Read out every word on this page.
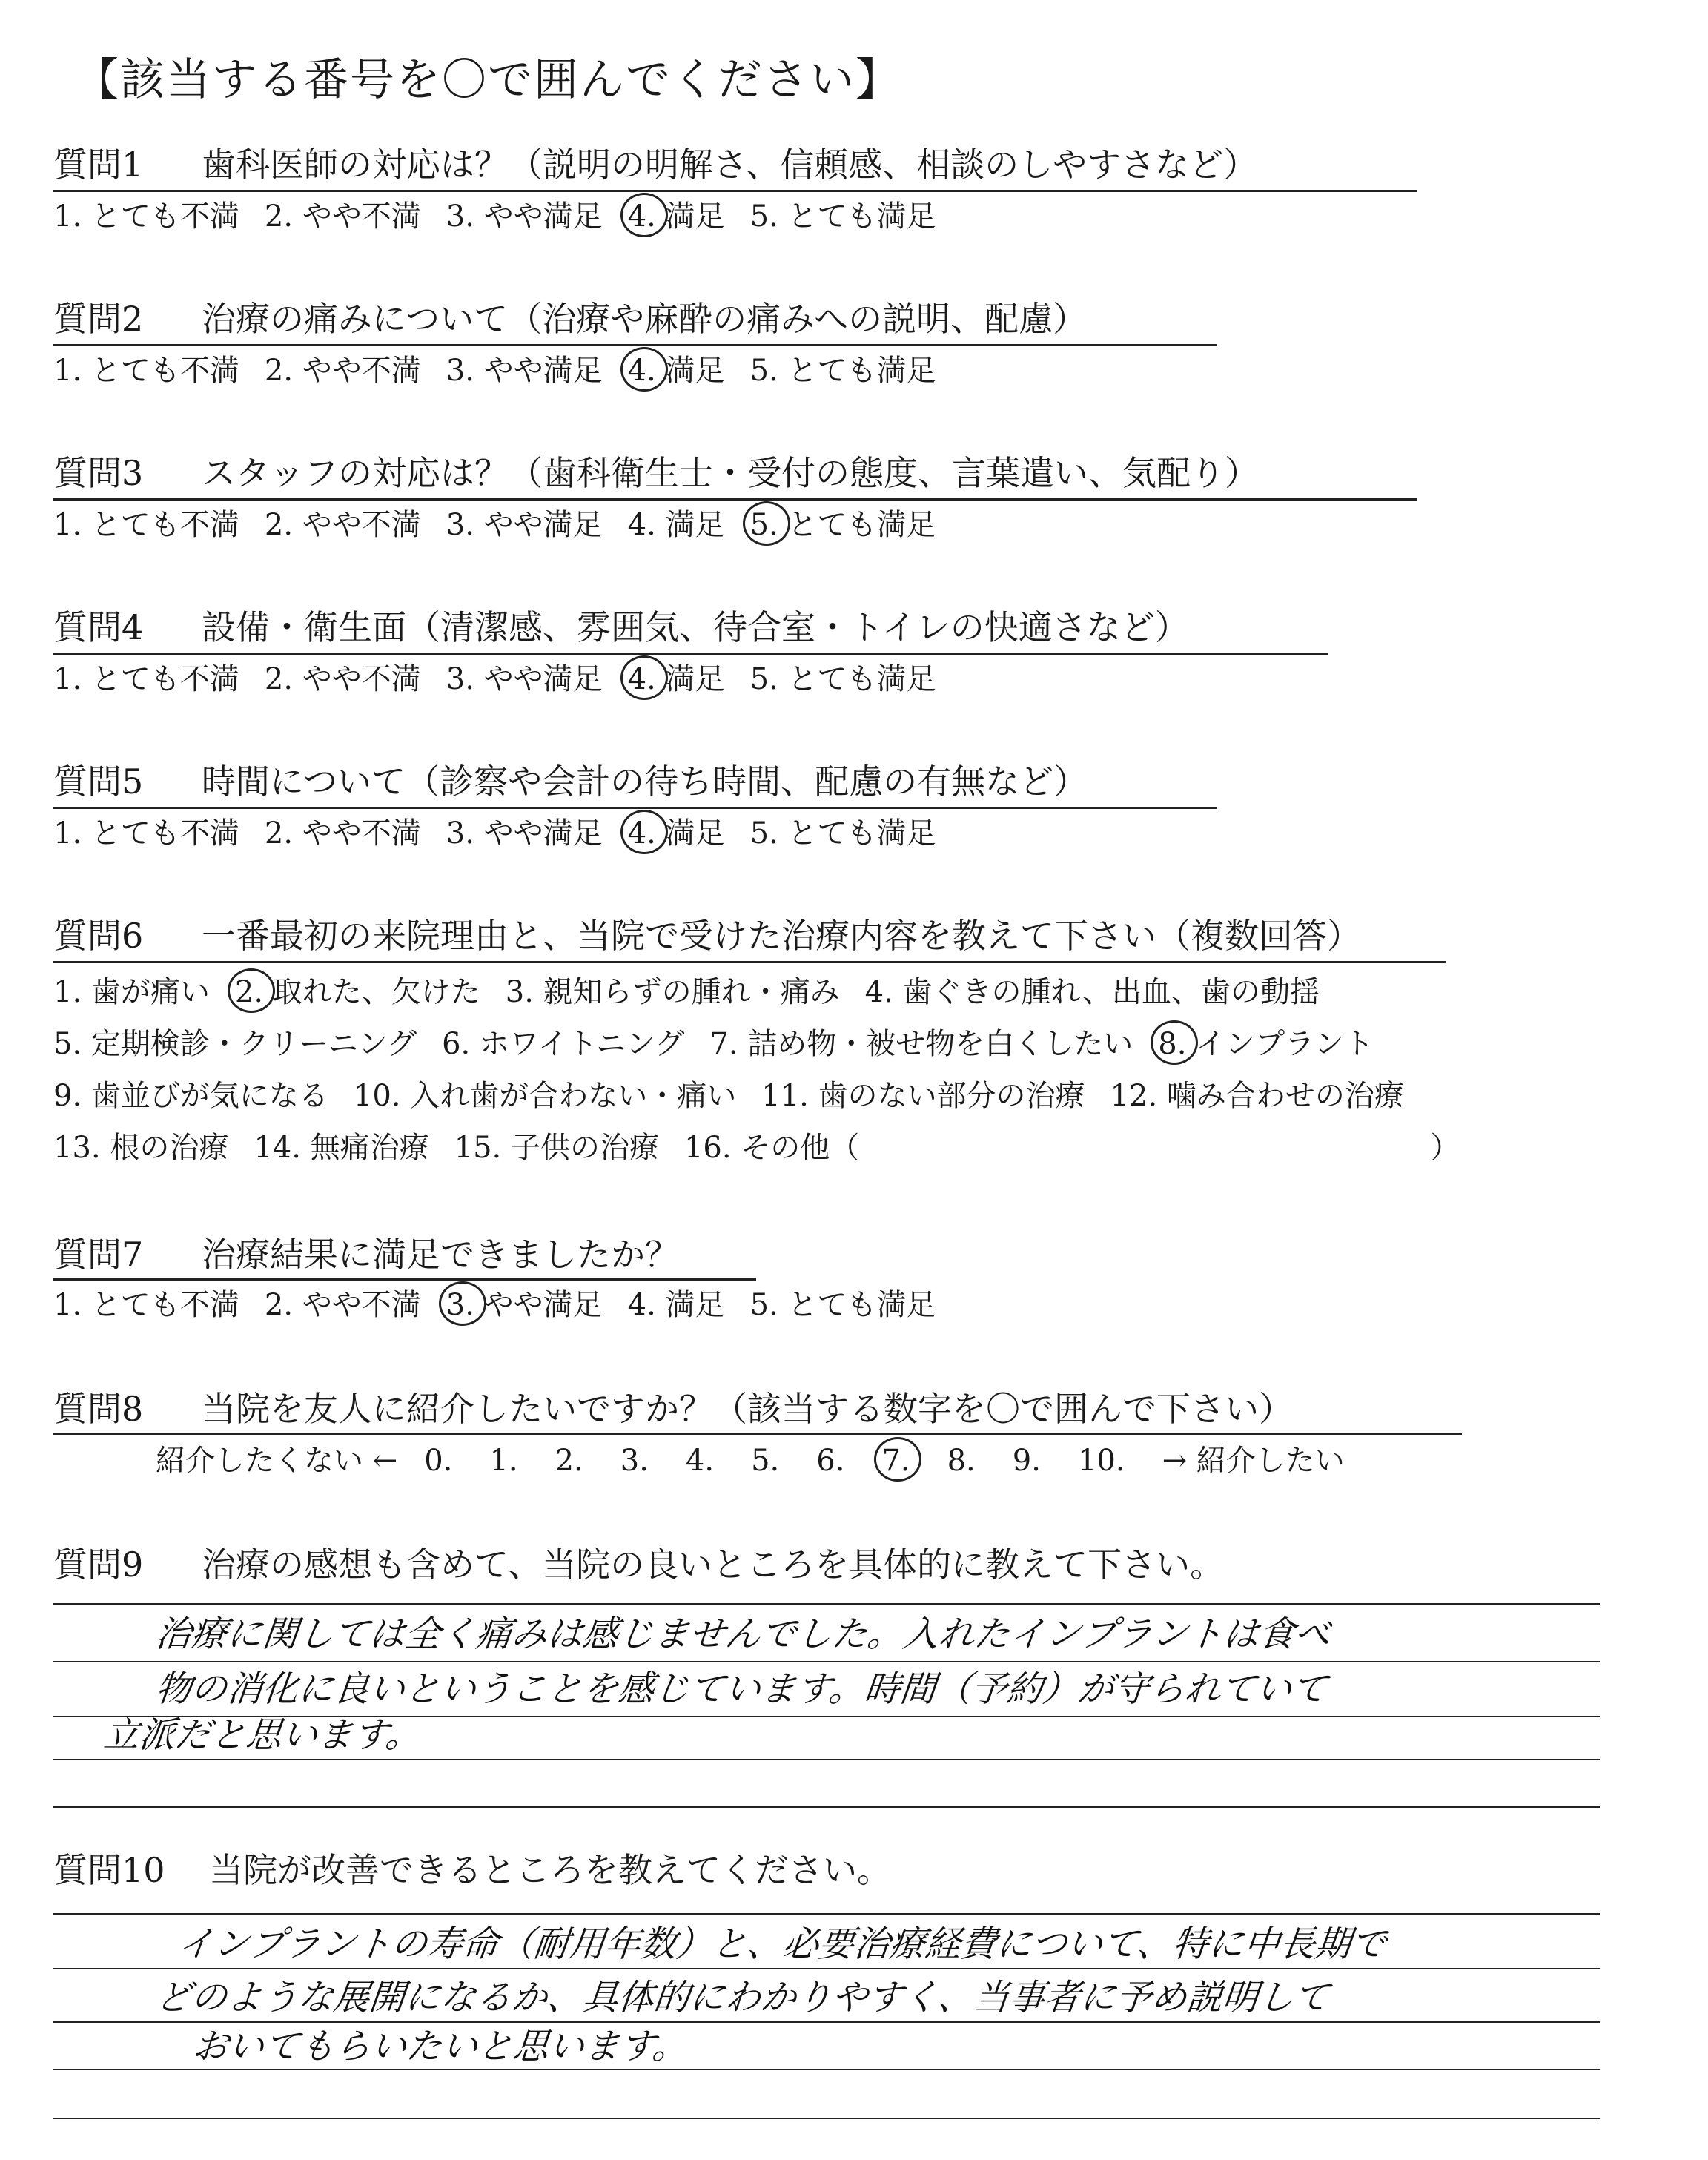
【該当する番号を〇で囲んでください】
質問1 歯科医師の対応は？（説明の明解さ、信頼感、相談のしやすさなど）
1. とても不満 2. やや不満 3. やや満足 4. 満足 5. とても満足
質問2 治療の痛みについて（治療や麻酔の痛みへの説明、配慮）
1. とても不満 2. やや不満 3. やや満足 4. 満足 5. とても満足
質問3 スタッフの対応は？（歯科衛生士・受付の態度、言葉遣い、気配り）
1. とても不満 2. やや不満 3. やや満足 4. 満足 5. とても満足
質問4 設備・衛生面（清潔感、雰囲気、待合室・トイレの快適さなど）
1. とても不満 2. やや不満 3. やや満足 4. 満足 5. とても満足
質問5 時間について（診察や会計の待ち時間、配慮の有無など）
1. とても不満 2. やや不満 3. やや満足 4. 満足 5. とても満足
質問6 一番最初の来院理由と、当院で受けた治療内容を教えて下さい（複数回答）
1. 歯が痛い 2. 取れた、欠けた 3. 親知らずの腫れ・痛み 4. 歯ぐきの腫れ、出血、歯の動揺
5. 定期検診・クリーニング 6. ホワイトニング 7. 詰め物・被せ物を白くしたい 8. インプラント
9. 歯並びが気になる 10. 入れ歯が合わない・痛い 11. 歯のない部分の治療 12. 噛み合わせの治療
13. 根の治療 14. 無痛治療 15. 子供の治療 16. その他（	）
質問7 治療結果に満足できましたか？
1. とても不満 2. やや不満 3. やや満足 4. 満足 5. とても満足
質問8 当院を友人に紹介したいですか？（該当する数字を〇で囲んで下さい）
紹介したくない ← 0. 1. 2. 3. 4. 5. 6. 7. 8. 9. 10. → 紹介したい
質問9 治療の感想も含めて、当院の良いところを具体的に教えて下さい。
治療に関しては全く痛みは感じませんでした。入れたインプラントは食べ
物の消化に良いということを感じています。時間（予約）が守られていて
立派だと思います。
質問10 当院が改善できるところを教えてください。
インプラントの寿命（耐用年数）と、必要治療経費について、特に中長期で
どのような展開になるか、具体的にわかりやすく、当事者に予め説明して
おいてもらいたいと思います。
